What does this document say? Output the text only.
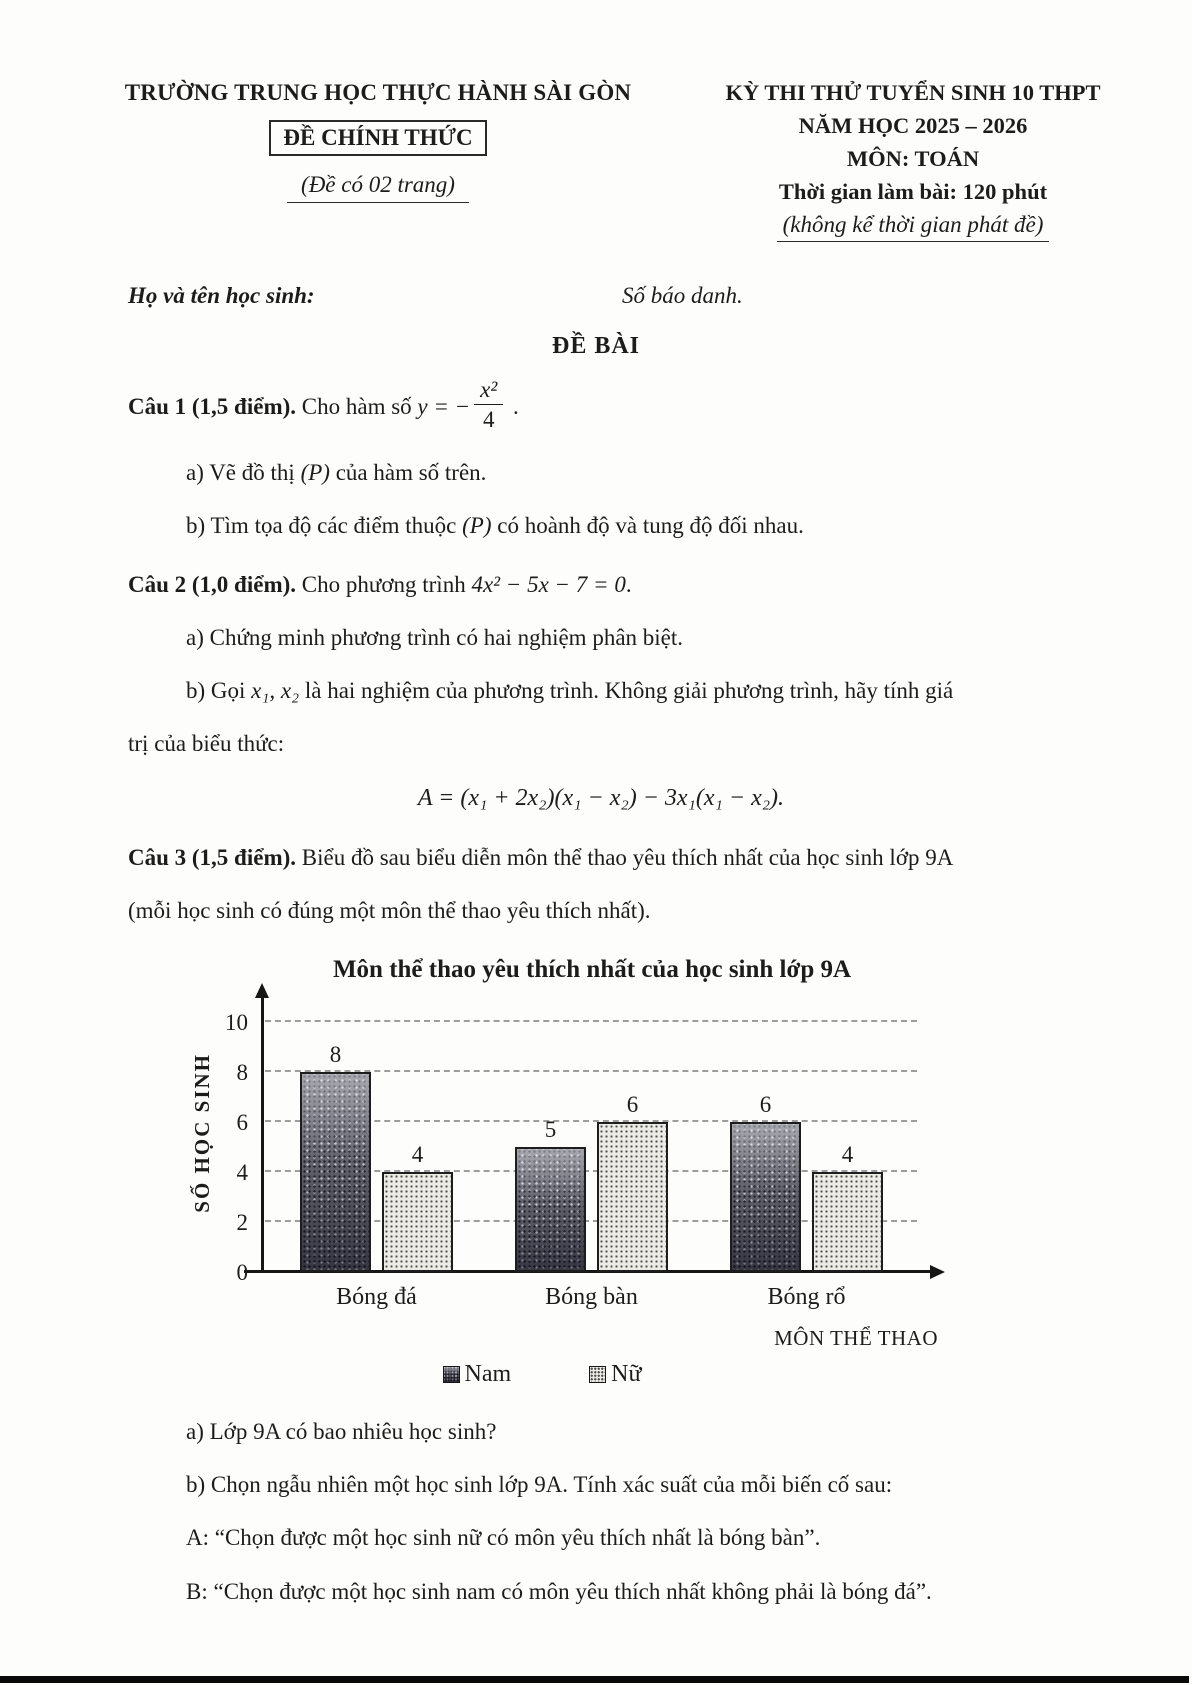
TRƯỜNG TRUNG HỌC THỰC HÀNH SÀI GÒN
ĐỀ CHÍNH THỨC
(Đề có 02 trang)
KỲ THI THỬ TUYỂN SINH 10 THPT
NĂM HỌC 2025 – 2026
MÔN: TOÁN
Thời gian làm bài: 120 phút
(không kể thời gian phát đề)
Họ và tên học sinh:	Số báo danh.
ĐỀ BÀI
Câu 1 (1,5 điểm). Cho hàm số y = − $\frac{\text{x²}}{4}$ .
a) Vẽ đồ thị (P) của hàm số trên.
b) Tìm tọa độ các điểm thuộc (P) có hoành độ và tung độ đối nhau.
Câu 2 (1,0 điểm). Cho phương trình 4x² − 5x − 7 = 0.
a) Chứng minh phương trình có hai nghiệm phân biệt.
b) Gọi x₁, x₂ là hai nghiệm của phương trình. Không giải phương trình, hãy tính giá
trị của biểu thức:
A = (x₁ + 2x₂)(x₁ − x₂) − 3x₁(x₁ − x₂).
Câu 3 (1,5 điểm). Biểu đồ sau biểu diễn môn thể thao yêu thích nhất của học sinh lớp 9A
(mỗi học sinh có đúng một môn thể thao yêu thích nhất).
Môn thể thao yêu thích nhất của học sinh lớp 9A
SỐ HỌC SINH
0
2
4
6
8
10
8
4
Bóng đá
5
6
Bóng bàn
6
4
Bóng rổ
MÔN THỂ THAO
Nam	Nữ
a) Lớp 9A có bao nhiêu học sinh?
b) Chọn ngẫu nhiên một học sinh lớp 9A. Tính xác suất của mỗi biến cố sau:
A: “Chọn được một học sinh nữ có môn yêu thích nhất là bóng bàn”.
B: “Chọn được một học sinh nam có môn yêu thích nhất không phải là bóng đá”.
